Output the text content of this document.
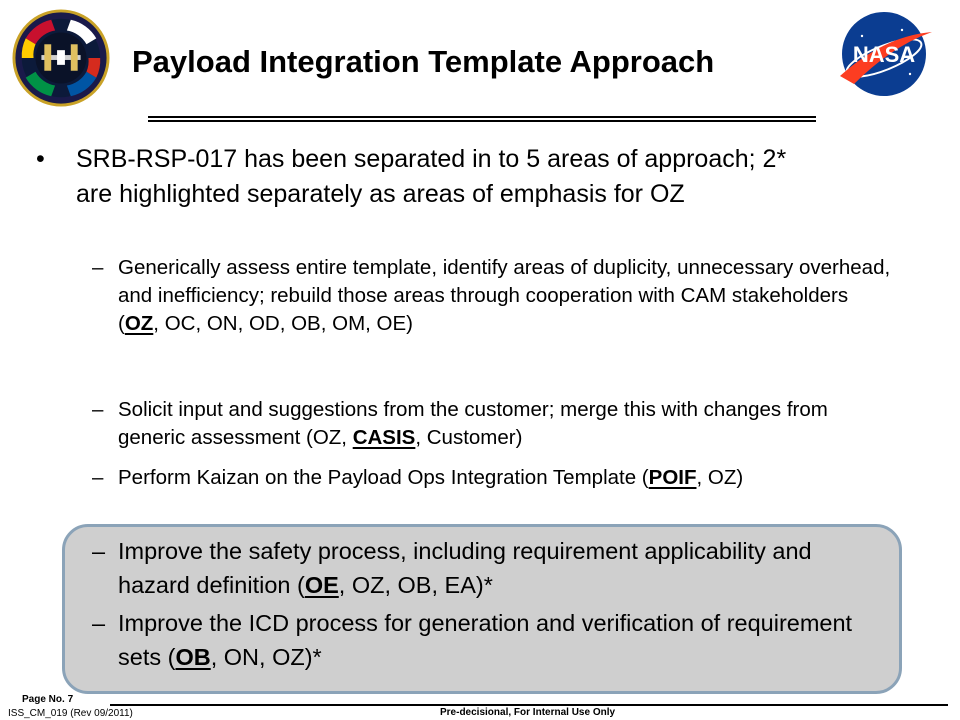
Payload Integration Template Approach	NASA
•	SRB-RSP-017 has been separated in to 5 areas of approach; 2* are highlighted separately as areas of emphasis for OZ
– Generically assess entire template, identify areas of duplicity, unnecessary overhead, and inefficiency; rebuild those areas through cooperation with CAM stakeholders (OZ, OC, ON, OD, OB, OM, OE)
– Solicit input and suggestions from the customer; merge this with changes from generic assessment (OZ, CASIS, Customer)
– Perform Kaizan on the Payload Ops Integration Template (POIF, OZ)
– Improve the safety process, including requirement applicability and hazard definition (OE, OZ, OB, EA)*
– Improve the ICD process for generation and verification of requirement sets (OB, ON, OZ)*
Page No. 7
ISS_CM_019 (Rev 09/2011)	Pre-decisional, For Internal Use Only
